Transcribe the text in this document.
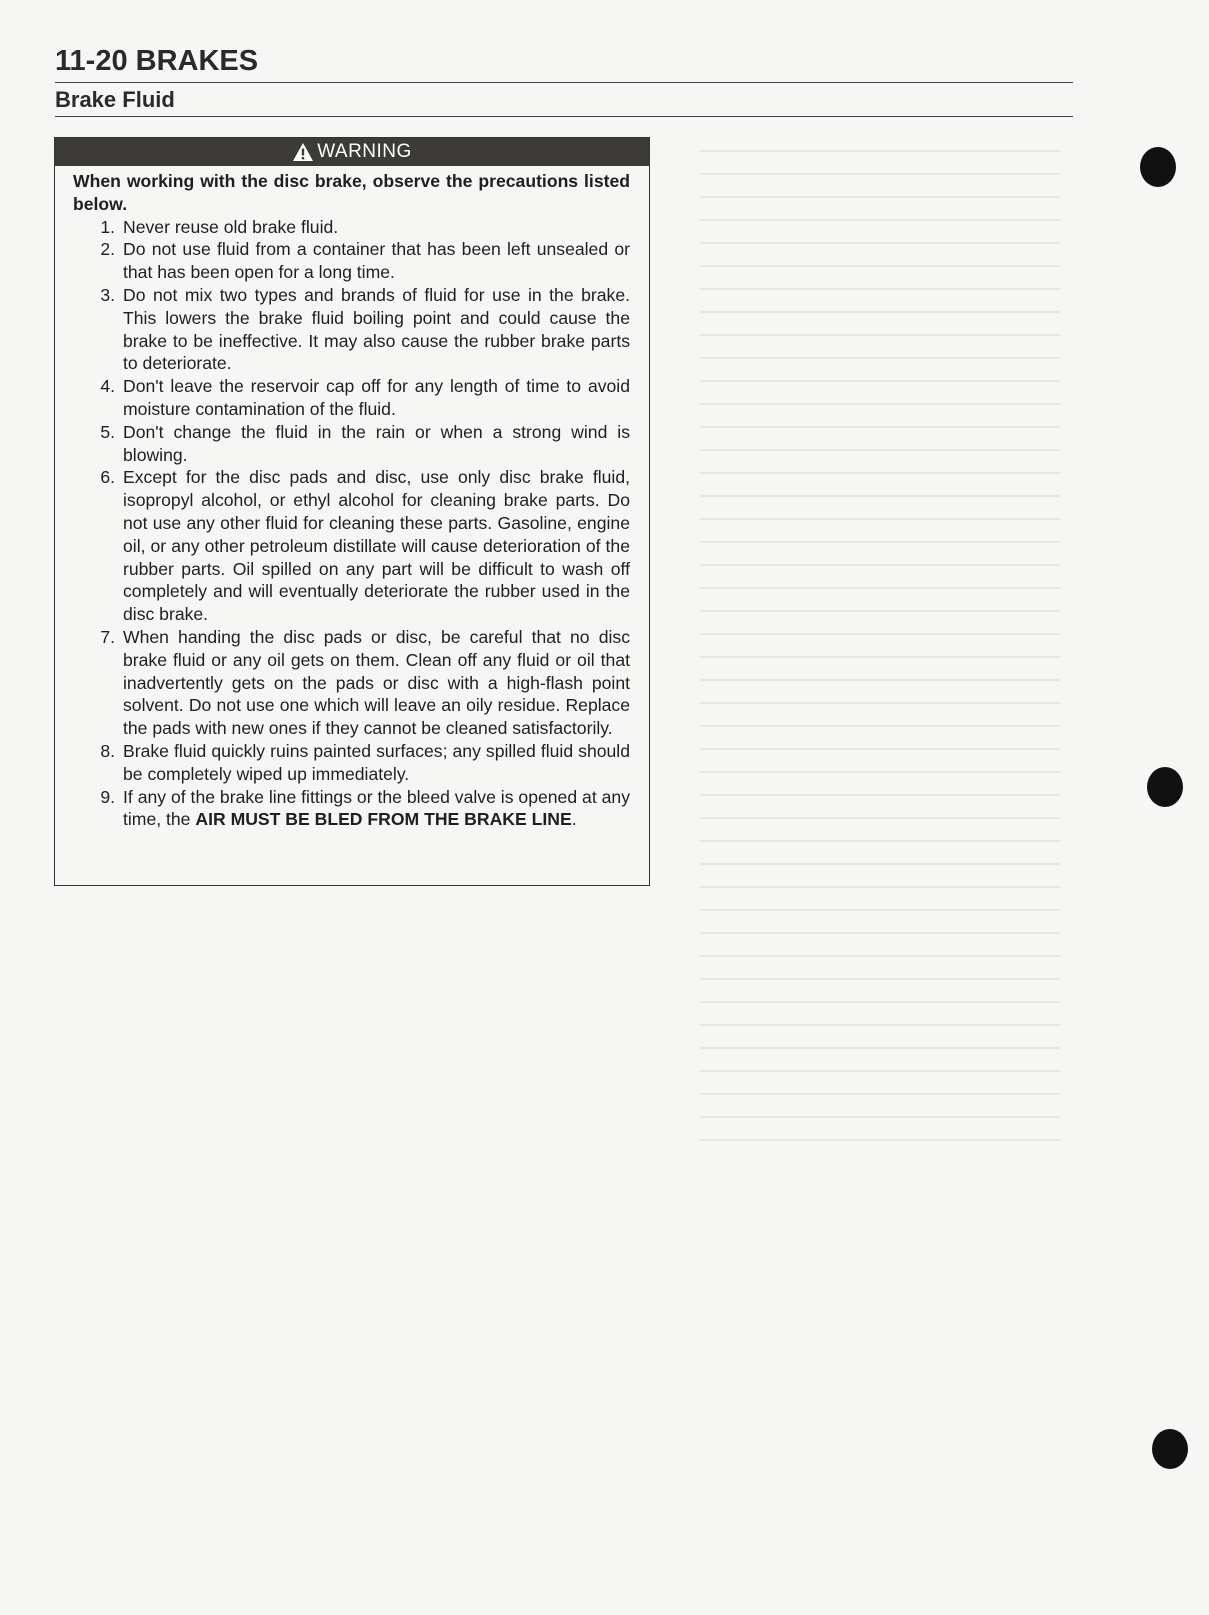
11-20 BRAKES
Brake Fluid
WARNING

When working with the disc brake, observe the precautions listed below.

1. Never reuse old brake fluid.
2. Do not use fluid from a container that has been left unsealed or that has been open for a long time.
3. Do not mix two types and brands of fluid for use in the brake. This lowers the brake fluid boiling point and could cause the brake to be ineffective. It may also cause the rubber brake parts to deteriorate.
4. Don't leave the reservoir cap off for any length of time to avoid moisture contamination of the fluid.
5. Don't change the fluid in the rain or when a strong wind is blowing.
6. Except for the disc pads and disc, use only disc brake fluid, isopropyl alcohol, or ethyl alcohol for cleaning brake parts. Do not use any other fluid for cleaning these parts. Gasoline, engine oil, or any other petroleum distillate will cause deterioration of the rubber parts. Oil spilled on any part will be difficult to wash off completely and will eventually deteriorate the rubber used in the disc brake.
7. When handing the disc pads or disc, be careful that no disc brake fluid or any oil gets on them. Clean off any fluid or oil that inadvertently gets on the pads or disc with a high-flash point solvent. Do not use one which will leave an oily residue. Replace the pads with new ones if they cannot be cleaned satisfactorily.
8. Brake fluid quickly ruins painted surfaces; any spilled fluid should be completely wiped up immediately.
9. If any of the brake line fittings or the bleed valve is opened at any time, the AIR MUST BE BLED FROM THE BRAKE LINE.
